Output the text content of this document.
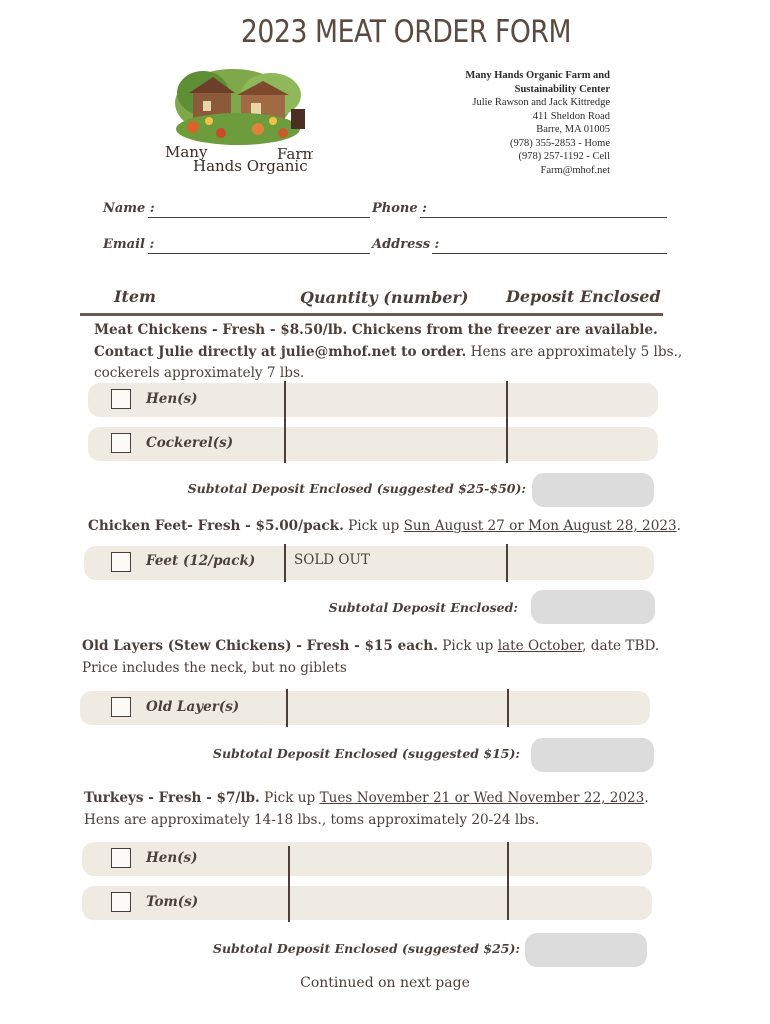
2023 MEAT ORDER FORM
Many
Hands Organic
Farm
Many Hands Organic Farm and
Sustainability Center
Julie Rawson and Jack Kittredge
411 Sheldon Road
Barre, MA 01005
(978) 355-2853 - Home
(978) 257-1192 - Cell
Farm@mhof.net
Name :	Phone :
Email :	Address :
Item	Quantity (number) Deposit Enclosed
Meat Chickens - Fresh - $8.50/lb. Chickens from the freezer are available. Contact Julie directly at julie@mhof.net to order. Hens are approximately 5 lbs., cockerels approximately 7 lbs.
Hen(s)
Cockerel(s)
Subtotal Deposit Enclosed (suggested $25-$50):
Chicken Feet- Fresh - $5.00/pack. Pick up Sun August 27 or Mon August 28, 2023.
Feet (12/pack)	SOLD OUT
Subtotal Deposit Enclosed:
Old Layers (Stew Chickens) - Fresh - $15 each. Pick up late October, date TBD.
Price includes the neck, but no giblets
Old Layer(s)
Subtotal Deposit Enclosed (suggested $15):
Turkeys - Fresh - $7/lb. Pick up Tues November 21 or Wed November 22, 2023.
Hens are approximately 14-18 lbs., toms approximately 20-24 lbs.
Hen(s)
Tom(s)
Subtotal Deposit Enclosed (suggested $25):
Continued on next page
